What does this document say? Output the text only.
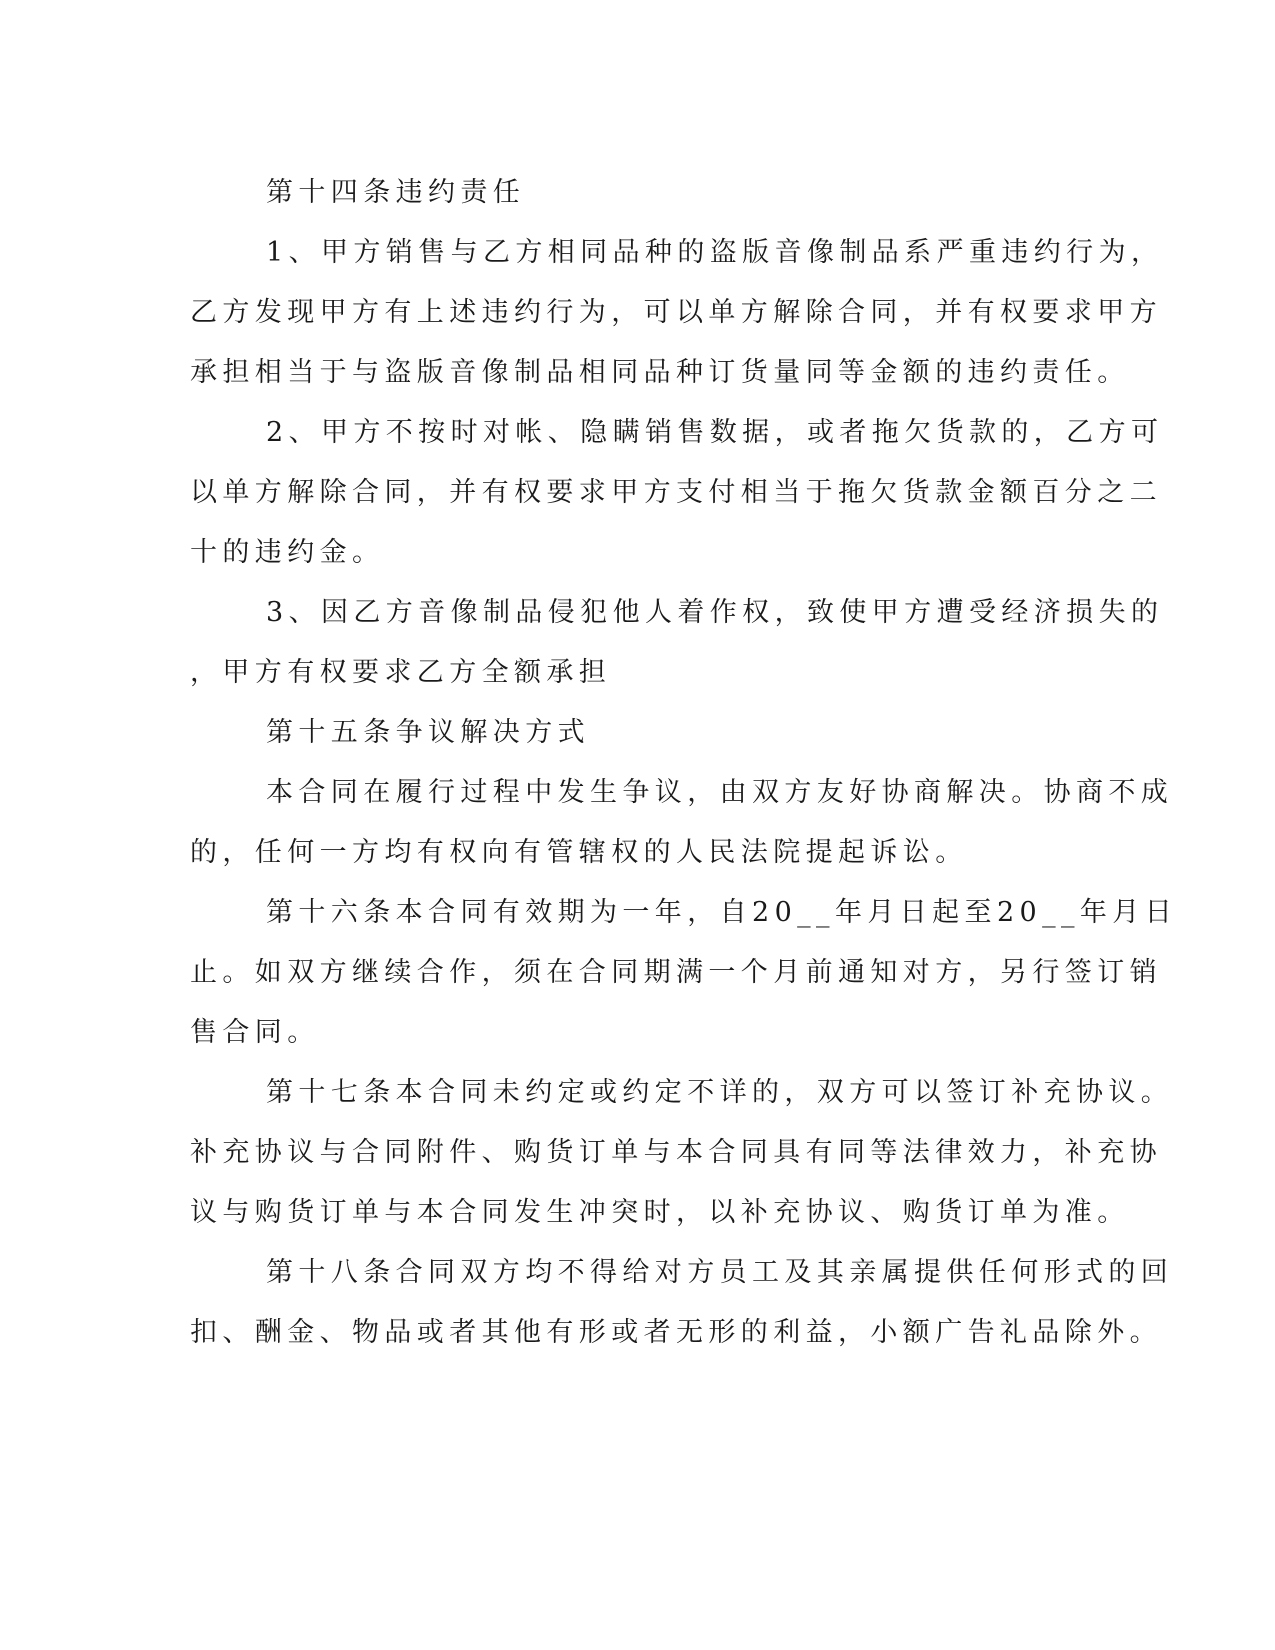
第十四条违约责任
1、甲方销售与乙方相同品种的盗版音像制品系严重违约行为，
乙方发现甲方有上述违约行为，可以单方解除合同，并有权要求甲方
承担相当于与盗版音像制品相同品种订货量同等金额的违约责任。
2、甲方不按时对帐、隐瞒销售数据，或者拖欠货款的，乙方可
以单方解除合同，并有权要求甲方支付相当于拖欠货款金额百分之二
十的违约金。
3、因乙方音像制品侵犯他人着作权，致使甲方遭受经济损失的
，甲方有权要求乙方全额承担
第十五条争议解决方式
本合同在履行过程中发生争议，由双方友好协商解决。协商不成
的，任何一方均有权向有管辖权的人民法院提起诉讼。
第十六条本合同有效期为一年，自20__年月日起至20__年月日
止。如双方继续合作，须在合同期满一个月前通知对方，另行签订销
售合同。
第十七条本合同未约定或约定不详的，双方可以签订补充协议。
补充协议与合同附件、购货订单与本合同具有同等法律效力，补充协
议与购货订单与本合同发生冲突时，以补充协议、购货订单为准。
第十八条合同双方均不得给对方员工及其亲属提供任何形式的回
扣、酬金、物品或者其他有形或者无形的利益，小额广告礼品除外。
